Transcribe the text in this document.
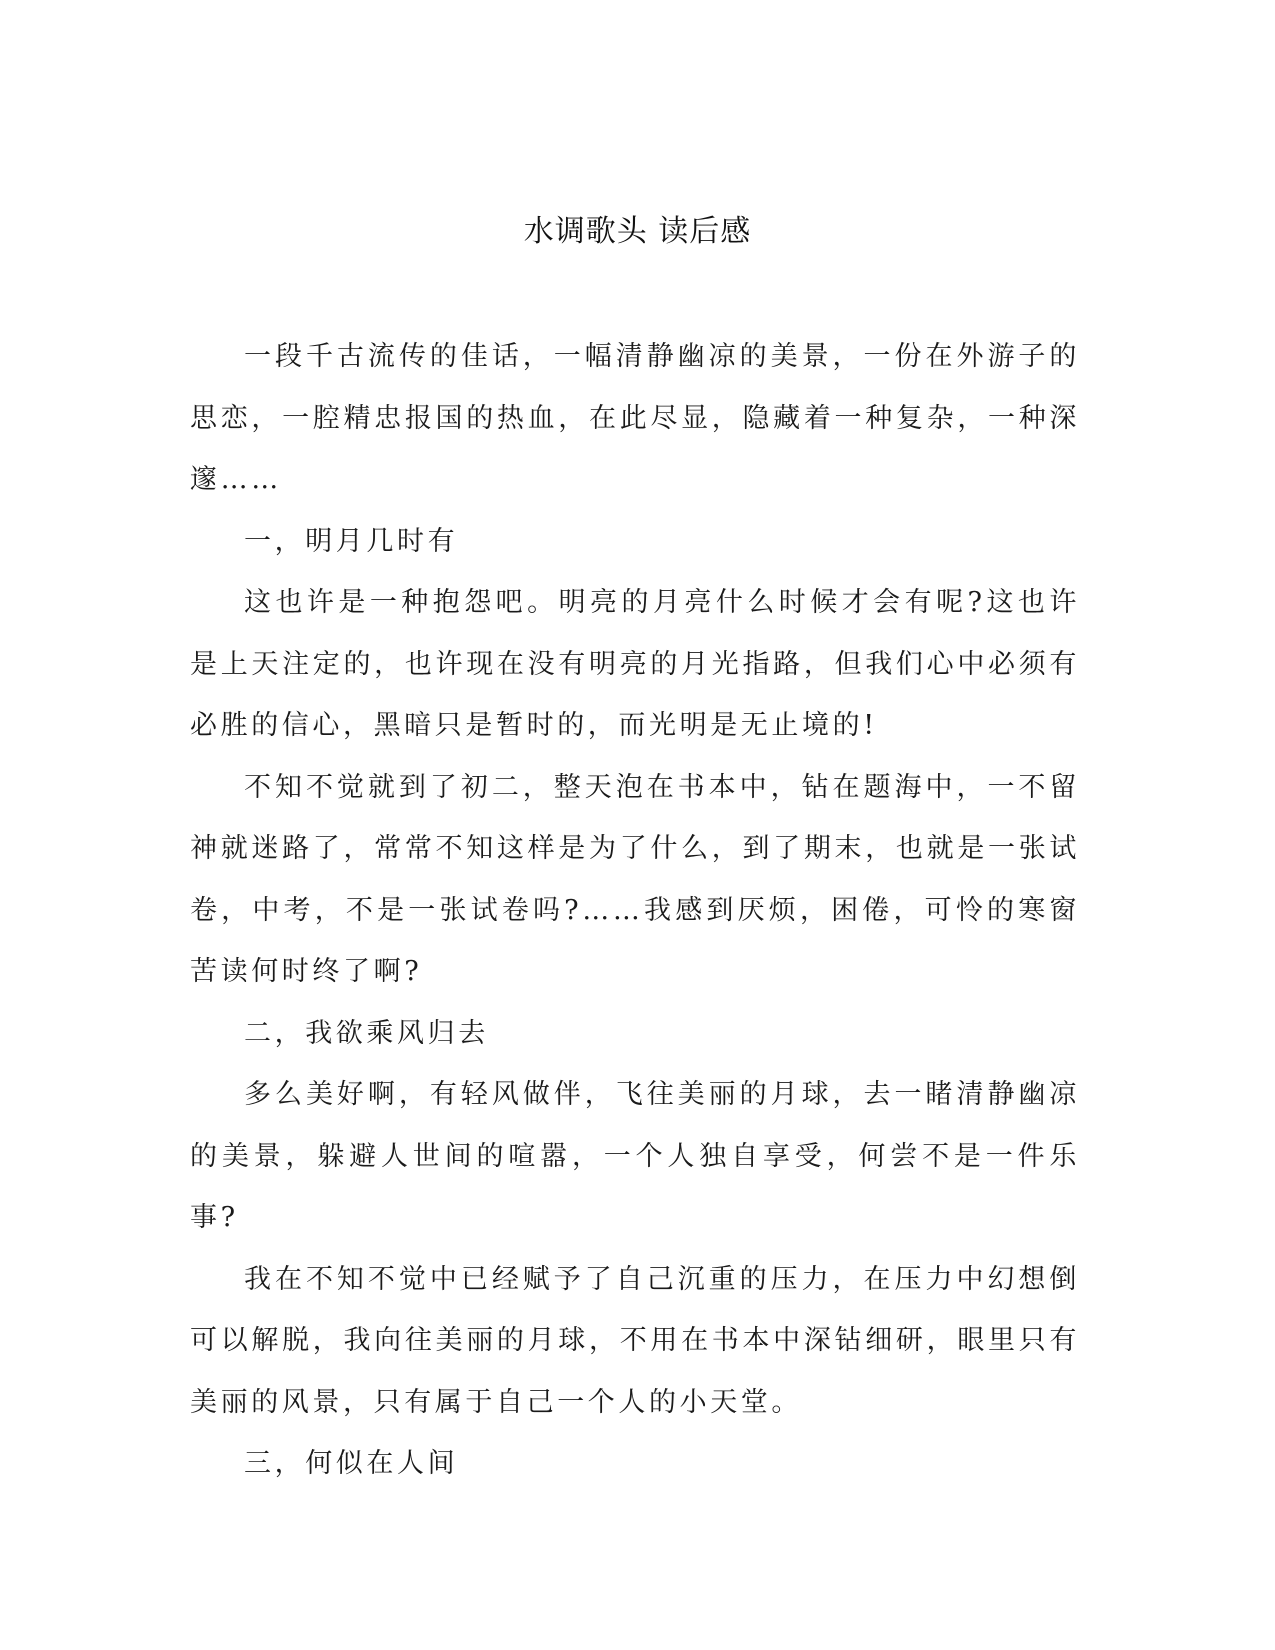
水调歌头 读后感

一段千古流传的佳话，一幅清静幽凉的美景，一份在外游子的思恋，一腔精忠报国的热血，在此尽显，隐藏着一种复杂，一种深邃……

一，明月几时有

这也许是一种抱怨吧。明亮的月亮什么时候才会有呢?这也许是上天注定的，也许现在没有明亮的月光指路，但我们心中必须有必胜的信心，黑暗只是暂时的，而光明是无止境的!

不知不觉就到了初二，整天泡在书本中，钻在题海中，一不留神就迷路了，常常不知这样是为了什么，到了期末，也就是一张试卷，中考，不是一张试卷吗?……我感到厌烦，困倦，可怜的寒窗苦读何时终了啊?

二，我欲乘风归去

多么美好啊，有轻风做伴，飞往美丽的月球，去一睹清静幽凉的美景，躲避人世间的喧嚣，一个人独自享受，何尝不是一件乐事?

我在不知不觉中已经赋予了自己沉重的压力，在压力中幻想倒可以解脱，我向往美丽的月球，不用在书本中深钻细研，眼里只有美丽的风景，只有属于自己一个人的小天堂。

三，何似在人间
